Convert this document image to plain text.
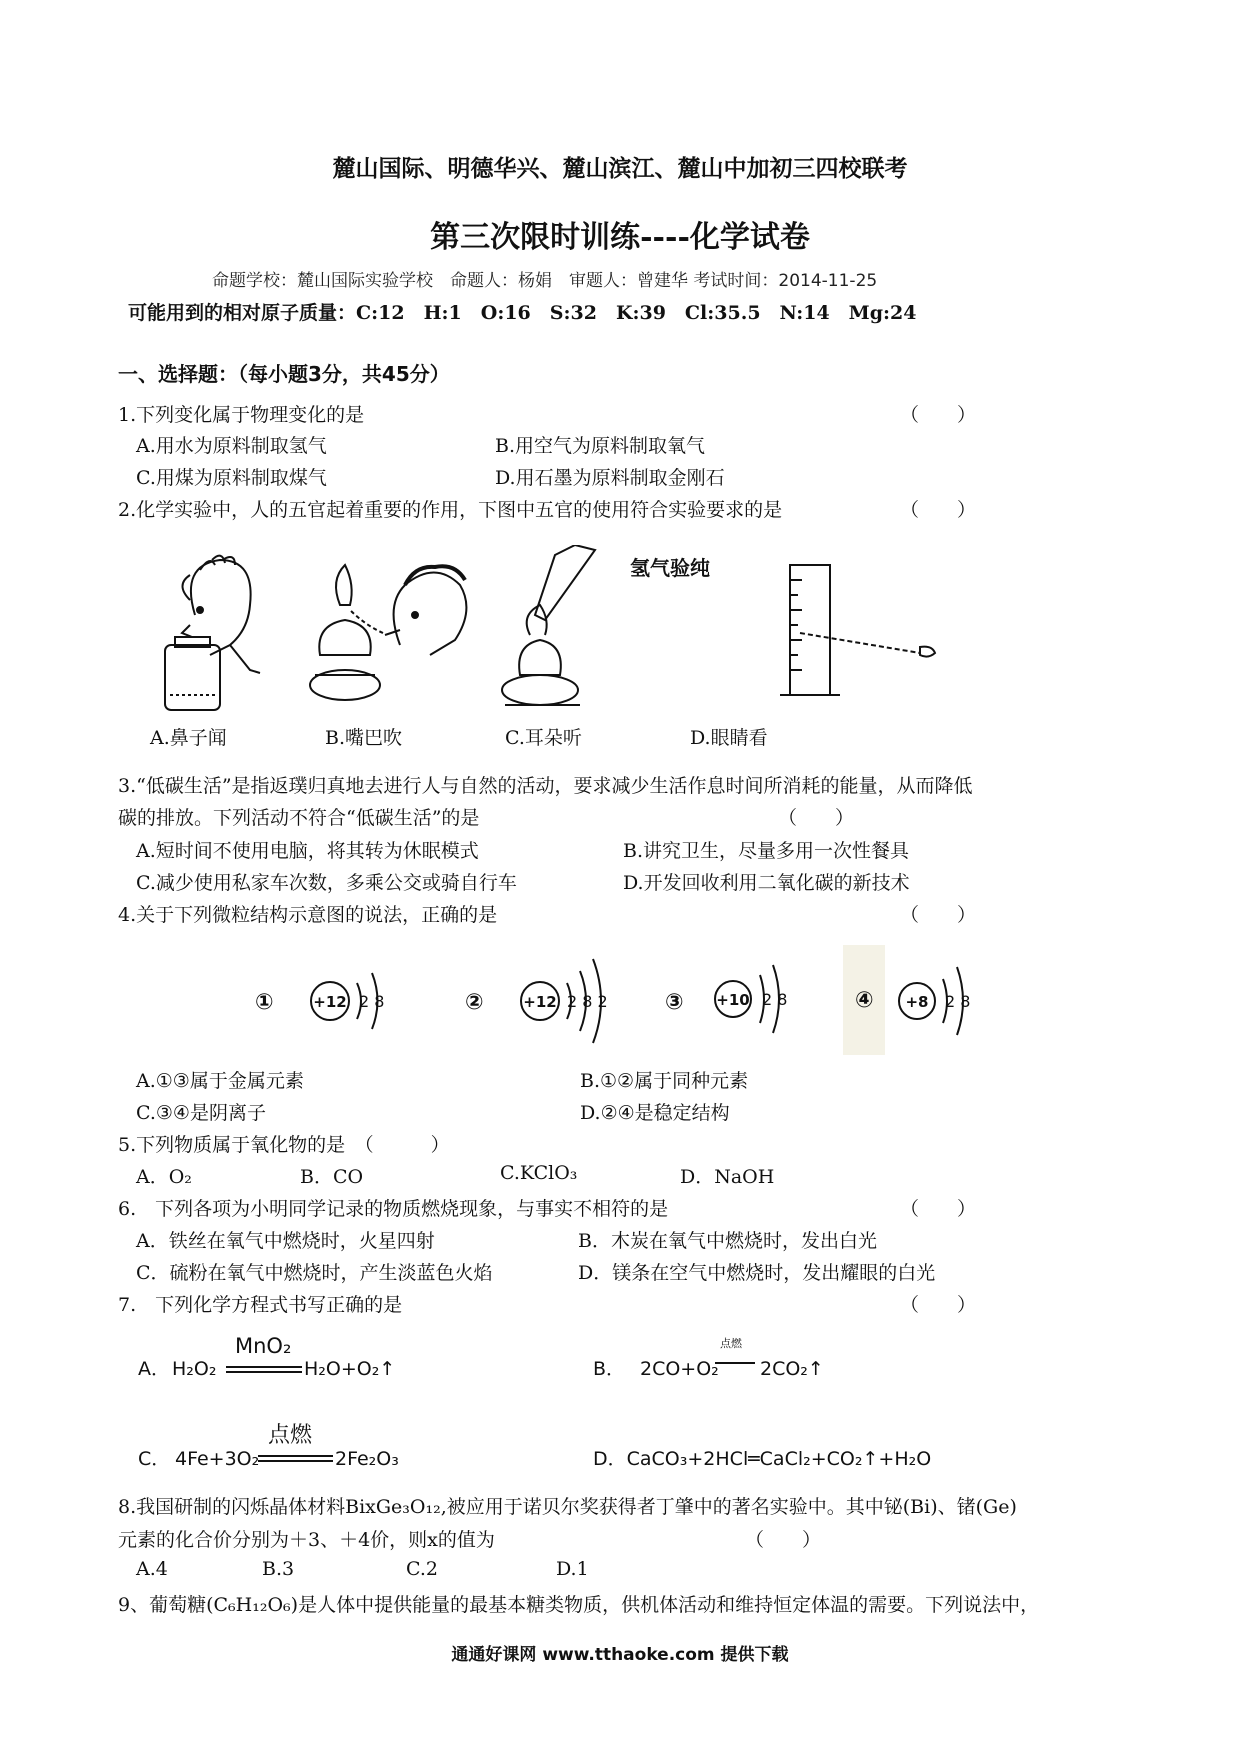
麓山国际、明德华兴、麓山滨江、麓山中加初三四校联考
第三次限时训练----化学试卷
命题学校：麓山国际实验学校　命题人：杨娟　审题人：曾建华 考试时间：2014-11-25
可能用到的相对原子质量：C:12　H:1　O:16　S:32　K:39　Cl:35.5　N:14　Mg:24
一、选择题：（每小题3分，共45分）
1.下列变化属于物理变化的是	（　　）
A.用水为原料制取氢气	B.用空气为原料制取氧气
C.用煤为原料制取煤气	D.用石墨为原料制取金刚石
2.化学实验中，人的五官起着重要的作用，下图中五官的使用符合实验要求的是	（　　）
氢气验纯
A.鼻子闻	B.嘴巴吹	C.耳朵听	D.眼睛看
3.“低碳生活”是指返璞归真地去进行人与自然的活动，要求减少生活作息时间所消耗的能量，从而降低
碳的排放。下列活动不符合“低碳生活”的是	（　　）
A.短时间不使用电脑，将其转为休眠模式	B.讲究卫生，尽量多用一次性餐具
C.减少使用私家车次数，多乘公交或骑自行车	D.开发回收利用二氧化碳的新技术
4.关于下列微粒结构示意图的说法，正确的是	（　　）
①	+12 2 8	②	+12 2 8 2	③ +10 2 8	④ +8 2 8
A.①③属于金属元素	B.①②属于同种元素
C.③④是阴离子	D.②④是稳定结构
5.下列物质属于氧化物的是　（　　　）
A．O₂	B．CO	C.KClO₃	D．NaOH
6.　下列各项为小明同学记录的物质燃烧现象，与事实不相符的是	（　　）
A．铁丝在氧气中燃烧时，火星四射	B．木炭在氧气中燃烧时，发出白光
C．硫粉在氧气中燃烧时，产生淡蓝色火焰	D．镁条在空气中燃烧时，发出耀眼的白光
7.　下列化学方程式书写正确的是	（　　）
A． H₂O₂
MnO₂
H₂O+O₂↑	B． 2CO+O₂
点燃
2CO₂↑
C． 4Fe+3O₂
点燃
2Fe₂O₃	D．CaCO₃+2HCl═CaCl₂+CO₂↑+H₂O
8.我国研制的闪烁晶体材料BixGe₃O₁₂,被应用于诺贝尔奖获得者丁肇中的著名实验中。其中铋(Bi)、锗(Ge)
元素的化合价分别为＋3、＋4价，则x的值为	（　　）
A.4	B.3	C.2	D.1
9、葡萄糖(C₆H₁₂O₆)是人体中提供能量的最基本糖类物质，供机体活动和维持恒定体温的需要。下列说法中，
通通好课网 www.tthaoke.com 提供下载
